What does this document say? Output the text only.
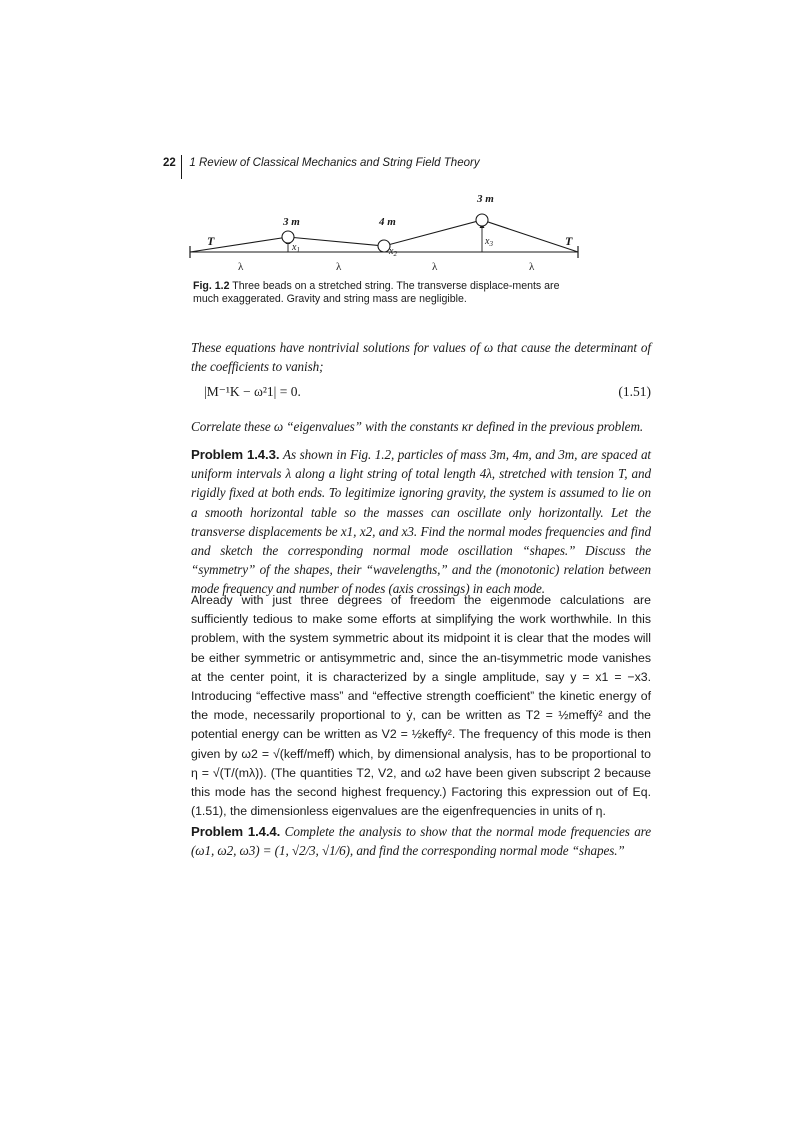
22 1 Review of Classical Mechanics and String Field Theory
3 m	4 m
3 m
$x_1$	$x_2$
$x_3$
T	T
λ	λ	λ	λ
Fig. 1.2 Three beads on a stretched string. The transverse displace-ments are much exaggerated. Gravity and string mass are negligible.

These equations have nontrivial solutions for values of ω that cause the determinant of the coefficients to vanish;

|M⁻¹K − ω²1| = 0.	(1.51)

Correlate these ω “eigenvalues” with the constants κr defined in the previous problem.

Problem 1.4.3. As shown in Fig. 1.2, particles of mass 3m, 4m, and 3m, are spaced at uniform intervals λ along a light string of total length 4λ, stretched with tension T, and rigidly fixed at both ends. To legitimize ignoring gravity, the system is assumed to lie on a smooth horizontal table so the masses can oscillate only horizontally. Let the transverse displacements be x1, x2, and x3. Find the normal modes frequencies and find and sketch the corresponding normal mode oscillation “shapes.” Discuss the “symmetry” of the shapes, their “wavelengths,” and the (monotonic) relation between mode frequency and number of nodes (axis crossings) in each mode.

Already with just three degrees of freedom the eigenmode calculations are sufficiently tedious to make some efforts at simplifying the work worthwhile. In this problem, with the system symmetric about its midpoint it is clear that the modes will be either symmetric or antisymmetric and, since the an-tisymmetric mode vanishes at the center point, it is characterized by a single amplitude, say y = x1 = −x3. Introducing “effective mass” and “effective strength coefficient” the kinetic energy of the mode, necessarily proportional to ẏ, can be written as T2 = ½meffẏ² and the potential energy can be written as V2 = ½keffy². The frequency of this mode is then given by ω2 = √(keff/meff) which, by dimensional analysis, has to be proportional to η = √(T/(mλ)). (The quantities T2, V2, and ω2 have been given subscript 2 because this mode has the second highest frequency.) Factoring this expression out of Eq. (1.51), the dimensionless eigenvalues are the eigenfrequencies in units of η.

Problem 1.4.4. Complete the analysis to show that the normal mode frequencies are (ω1, ω2, ω3) = (1, √2/3, √1/6), and find the corresponding normal mode “shapes.”
